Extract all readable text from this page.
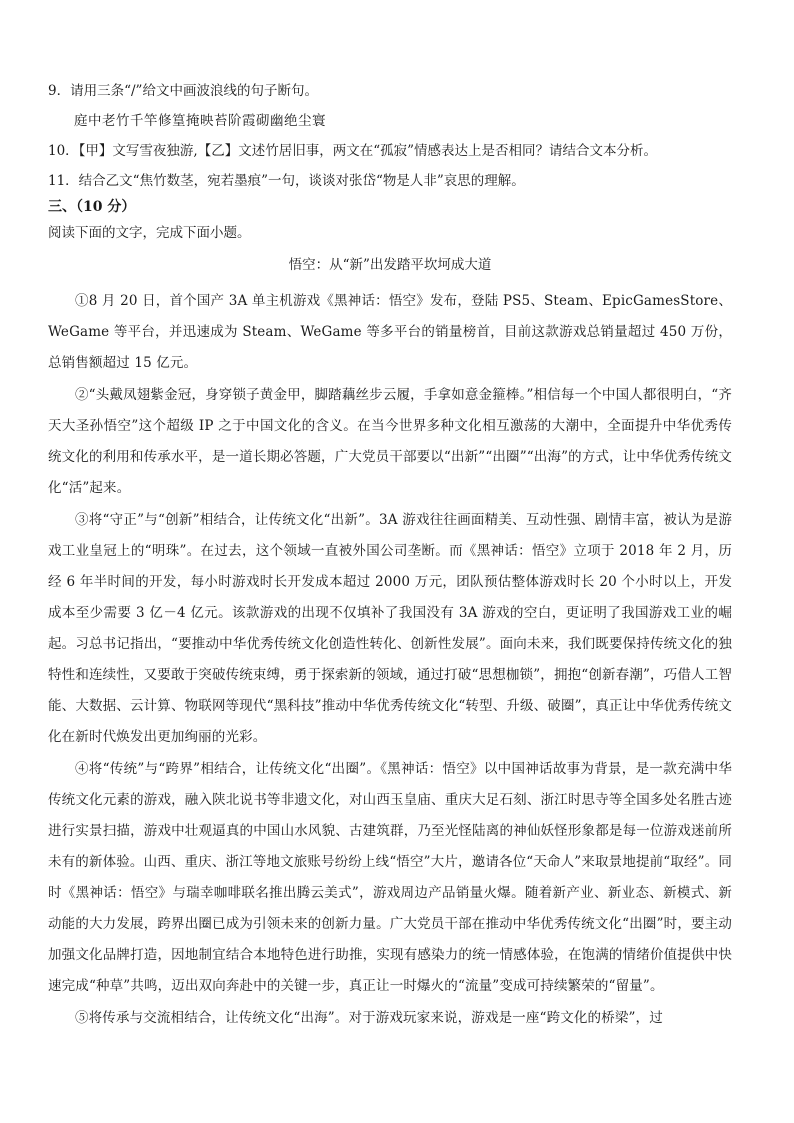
9．请用三条“/”给文中画波浪线的句子断句。

庭中老竹千竿修篁掩映苔阶霞砌幽绝尘寰

10．【甲】文写雪夜独游,【乙】文述竹居旧事，两文在“孤寂”情感表达上是否相同？请结合文本分析。

11．结合乙文“焦竹数茎，宛若墨痕”一句，谈谈对张岱“物是人非”哀思的理解。

三、（10 分）

阅读下面的文字，完成下面小题。

悟空：从“新”出发踏平坎坷成大道

①8 月 20 日，首个国产 3A 单主机游戏《黑神话：悟空》发布，登陆 PS5、Steam、EpicGamesStore、WeGame 等平台，并迅速成为 Steam、WeGame 等多平台的销量榜首，目前这款游戏总销量超过 450 万份，总销售额超过 15 亿元。

②“头戴凤翅紫金冠，身穿锁子黄金甲，脚踏藕丝步云履，手拿如意金箍棒。”相信每一个中国人都很明白，“齐天大圣孙悟空”这个超级 IP 之于中国文化的含义。在当今世界多种文化相互激荡的大潮中，全面提升中华优秀传统文化的利用和传承水平，是一道长期必答题，广大党员干部要以“出新”“出圈”“出海”的方式，让中华优秀传统文化“活”起来。

③将“守正”与“创新”相结合，让传统文化“出新”。3A 游戏往往画面精美、互动性强、剧情丰富，被认为是游戏工业皇冠上的“明珠”。在过去，这个领域一直被外国公司垄断。而《黑神话：悟空》立项于 2018 年 2 月，历经 6 年半时间的开发，每小时游戏时长开发成本超过 2000 万元，团队预估整体游戏时长 20 个小时以上，开发成本至少需要 3 亿－4 亿元。该款游戏的出现不仅填补了我国没有 3A 游戏的空白，更证明了我国游戏工业的崛起。习总书记指出，“要推动中华优秀传统文化创造性转化、创新性发展”。面向未来，我们既要保持传统文化的独特性和连续性，又要敢于突破传统束缚，勇于探索新的领域，通过打破“思想枷锁”，拥抱“创新春潮”，巧借人工智能、大数据、云计算、物联网等现代“黑科技”推动中华优秀传统文化“转型、升级、破圈”，真正让中华优秀传统文化在新时代焕发出更加绚丽的光彩。

④将“传统”与“跨界”相结合，让传统文化“出圈”。《黑神话：悟空》以中国神话故事为背景，是一款充满中华传统文化元素的游戏，融入陕北说书等非遗文化，对山西玉皇庙、重庆大足石刻、浙江时思寺等全国多处名胜古迹进行实景扫描，游戏中壮观逼真的中国山水风貌、古建筑群，乃至光怪陆离的神仙妖怪形象都是每一位游戏迷前所未有的新体验。山西、重庆、浙江等地文旅账号纷纷上线“悟空”大片，邀请各位“天命人”来取景地提前“取经”。同时《黑神话：悟空》与瑞幸咖啡联名推出腾云美式”，游戏周边产品销量火爆。随着新产业、新业态、新模式、新动能的大力发展，跨界出圈已成为引领未来的创新力量。广大党员干部在推动中华优秀传统文化“出圈”时，要主动加强文化品牌打造，因地制宜结合本地特色进行助推，实现有感染力的统一情感体验，在饱满的情绪价值提供中快速完成“种草”共鸣，迈出双向奔赴中的关键一步，真正让一时爆火的“流量”变成可持续繁荣的“留量”。

⑤将传承与交流相结合，让传统文化“出海”。对于游戏玩家来说，游戏是一座“跨文化的桥梁”，过
